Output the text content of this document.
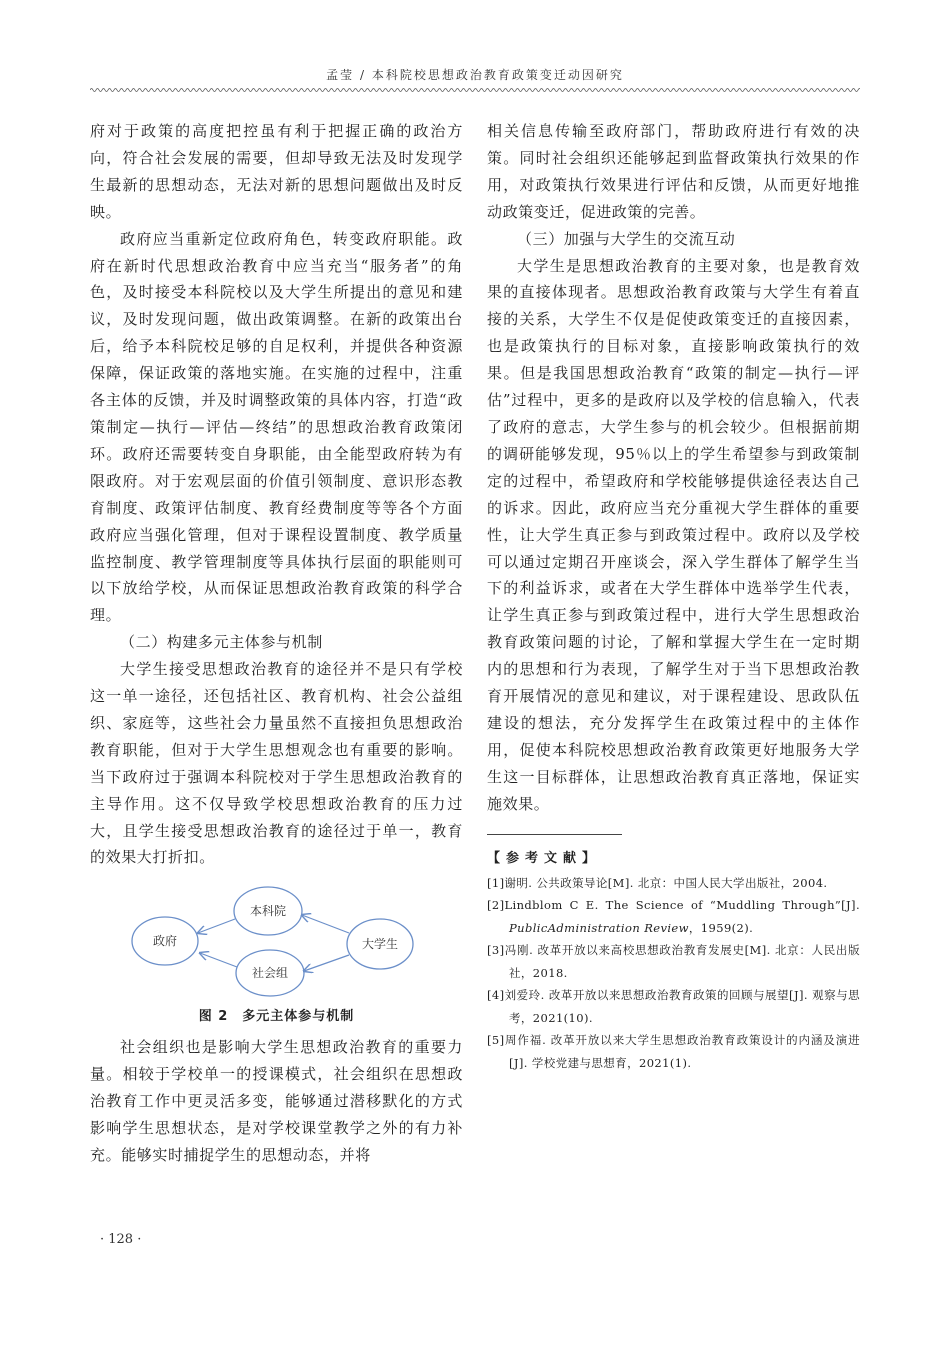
孟莹 / 本科院校思想政治教育政策变迁动因研究

府对于政策的高度把控虽有利于把握正确的政治方向，符合社会发展的需要，但却导致无法及时发现学生最新的思想动态，无法对新的思想问题做出及时反映。

政府应当重新定位政府角色，转变政府职能。政府在新时代思想政治教育中应当充当“服务者”的角色，及时接受本科院校以及大学生所提出的意见和建议，及时发现问题，做出政策调整。在新的政策出台后，给予本科院校足够的自足权利，并提供各种资源保障，保证政策的落地实施。在实施的过程中，注重各主体的反馈，并及时调整政策的具体内容，打造“政策制定—执行—评估—终结”的思想政治教育政策闭环。政府还需要转变自身职能，由全能型政府转为有限政府。对于宏观层面的价值引领制度、意识形态教育制度、政策评估制度、教育经费制度等等各个方面政府应当强化管理，但对于课程设置制度、教学质量监控制度、教学管理制度等具体执行层面的职能则可以下放给学校，从而保证思想政治教育政策的科学合理。

（二）构建多元主体参与机制

大学生接受思想政治教育的途径并不是只有学校这一单一途径，还包括社区、教育机构、社会公益组织、家庭等，这些社会力量虽然不直接担负思想政治教育职能，但对于大学生思想观念也有重要的影响。当下政府过于强调本科院校对于学生思想政治教育的主导作用。这不仅导致学校思想政治教育的压力过大，且学生接受思想政治教育的途径过于单一，教育的效果大打折扣。

政府
本科院
社会组
大学生
图 2　多元主体参与机制

社会组织也是影响大学生思想政治教育的重要力量。相较于学校单一的授课模式，社会组织在思想政治教育工作中更灵活多变，能够通过潜移默化的方式影响学生思想状态，是对学校课堂教学之外的有力补充。能够实时捕捉学生的思想动态，并将

相关信息传输至政府部门，帮助政府进行有效的决策。同时社会组织还能够起到监督政策执行效果的作用，对政策执行效果进行评估和反馈，从而更好地推动政策变迁，促进政策的完善。

（三）加强与大学生的交流互动

大学生是思想政治教育的主要对象，也是教育效果的直接体现者。思想政治教育政策与大学生有着直接的关系，大学生不仅是促使政策变迁的直接因素，也是政策执行的目标对象，直接影响政策执行的效果。但是我国思想政治教育“政策的制定—执行—评估”过程中，更多的是政府以及学校的信息输入，代表了政府的意志，大学生参与的机会较少。但根据前期的调研能够发现，95％以上的学生希望参与到政策制定的过程中，希望政府和学校能够提供途径表达自己的诉求。因此，政府应当充分重视大学生群体的重要性，让大学生真正参与到政策过程中。政府以及学校可以通过定期召开座谈会，深入学生群体了解学生当下的利益诉求，或者在大学生群体中选举学生代表，让学生真正参与到政策过程中，进行大学生思想政治教育政策问题的讨论，了解和掌握大学生在一定时期内的思想和行为表现，了解学生对于当下思想政治教育开展情况的意见和建议，对于课程建设、思政队伍建设的想法，充分发挥学生在政策过程中的主体作用，促使本科院校思想政治教育政策更好地服务大学生这一目标群体，让思想政治教育真正落地，保证实施效果。

【参考文献】
[1]谢明. 公共政策导论[M]. 北京：中国人民大学出版社，2004.
[2]Lindblom C E. The Science of “Muddling Through”[J]. PublicAdministration Review，1959(2).
[3]冯刚. 改革开放以来高校思想政治教育发展史[M]. 北京：人民出版社，2018.
[4]刘爱玲. 改革开放以来思想政治教育政策的回顾与展望[J]. 观察与思考，2021(10).
[5]周作福. 改革开放以来大学生思想政治教育政策设计的内涵及演进[J]. 学校党建与思想育，2021(1).
· 128 ·
